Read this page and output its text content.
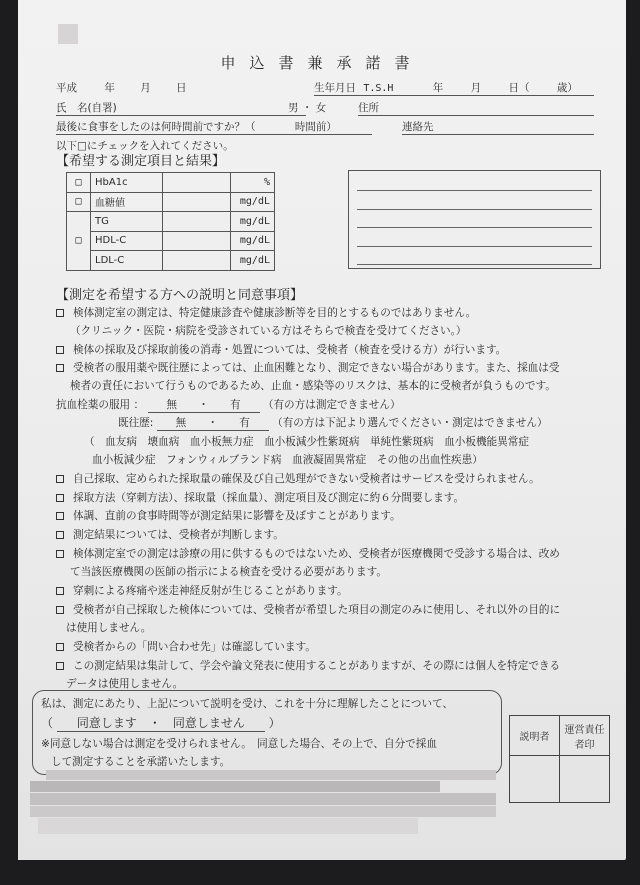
申込書兼承諾書
平成	年 月 日	生年月日 T.S.H	年	月	日（	歳）
氏　名(自署)	男 ・ 女	住所
最後に食事をしたのは何時間前ですか？（	時間前）	連絡先
以下□にチェックを入れてください。
【希望する測定項目と結果】
□	HbA1c		%
□	血糖値		mg/dL
□	TG		mg/dL
	HDL-C		mg/dL
	LDL-C		mg/dL
【測定を希望する方への説明と同意事項】
検体測定室の測定は、特定健康診査や健康診断等を目的とするものではありません。
（クリニック・医院・病院を受診されている方はそちらで検査を受けてください。）
検体の採取及び採取前後の消毒・処置については、受検者（検査を受ける方）が行います。
受検者の服用薬や既往歴によっては、止血困難となり、測定できない場合があります。また、採血は受
検者の責任において行うものであるため、止血・感染等のリスクは、基本的に受検者が負うものです。
抗血栓薬の服用 ： 無　　・　　有 （有の方は測定できません）
既往歴: 無　　・　　有 （有の方は下記より選んでください・測定はできません）
（　血友病　壊血病　血小板無力症　血小板減少性紫斑病　単純性紫斑病　血小板機能異常症
血小板減少症　フォンウィルブランド病　血液凝固異常症　その他の出血性疾患）
自己採取、定められた採取量の確保及び自己処理ができない受検者はサービスを受けられません。
採取方法（穿刺方法）、採取量（採血量）、測定項目及び測定に約６分間要します。
体調、直前の食事時間等が測定結果に影響を及ぼすことがあります。
測定結果については、受検者が判断します。
検体測定室での測定は診療の用に供するものではないため、受検者が医療機関で受診する場合は、改め
て当該医療機関の医師の指示による検査を受ける必要があります。
穿刺による疼痛や迷走神経反射が生じることがあります。
受検者が自己採取した検体については、受検者が希望した項目の測定のみに使用し、それ以外の目的に
は使用しません。
受検者からの「問い合わせ先」は確認しています。
この測定結果は集計して、学会や論文発表に使用することがありますが、その際には個人を特定できる
データは使用しません。
私は、測定にあたり、上記について説明を受け、これを十分に理解したことについて、
（ 同意します　・　同意しません ）
※同意しない場合は測定を受けられません。　同意した場合、その上で、自分で採血
して測定することを承諾いたします。
説明者	運営責任
者印
